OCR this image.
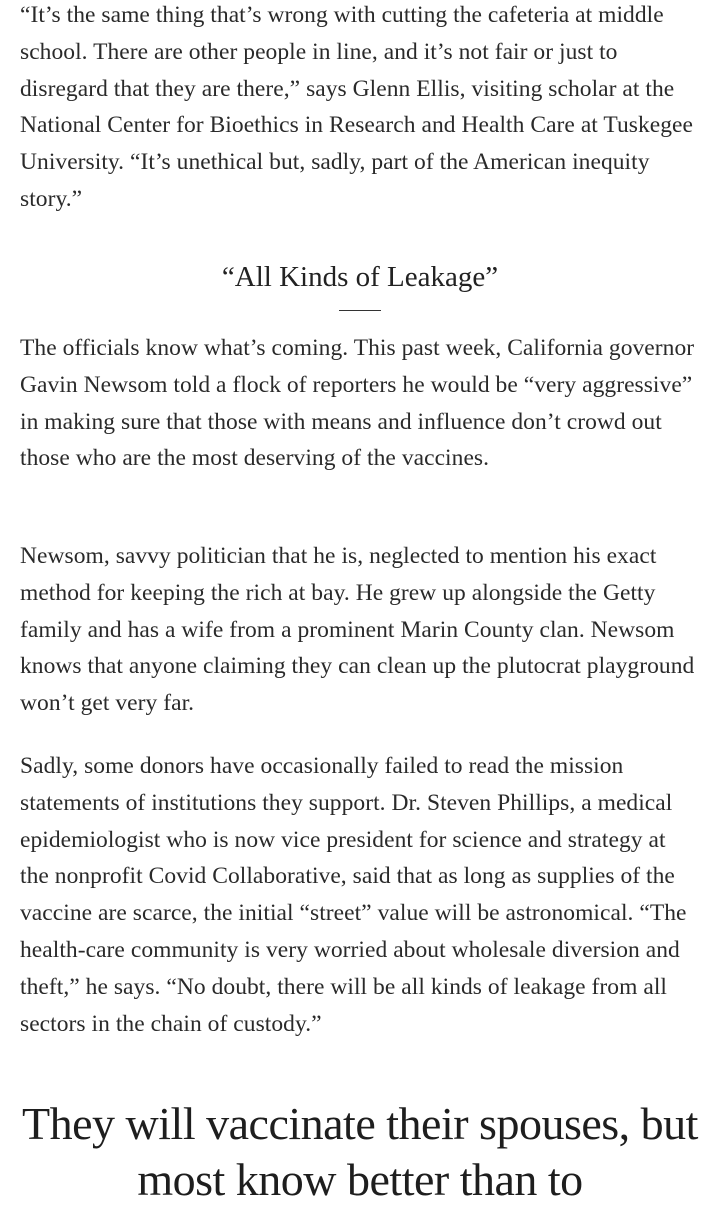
“It’s the same thing that’s wrong with cutting the cafeteria at middle school. There are other people in line, and it’s not fair or just to disregard that they are there,” says Glenn Ellis, visiting scholar at the National Center for Bioethics in Research and Health Care at Tuskegee University. “It’s unethical but, sadly, part of the American inequity story.”

“All Kinds of Leakage”

The officials know what’s coming. This past week, California governor Gavin Newsom told a flock of reporters he would be “very aggressive” in making sure that those with means and influence don’t crowd out those who are the most deserving of the vaccines.

Newsom, savvy politician that he is, neglected to mention his exact method for keeping the rich at bay. He grew up alongside the Getty family and has a wife from a prominent Marin County clan. Newsom knows that anyone claiming they can clean up the plutocrat playground won’t get very far.

Sadly, some donors have occasionally failed to read the mission statements of institutions they support. Dr. Steven Phillips, a medical epidemiologist who is now vice president for science and strategy at the nonprofit Covid Collaborative, said that as long as supplies of the vaccine are scarce, the initial “street” value will be astronomical. “The health-care community is very worried about wholesale diversion and theft,” he says. “No doubt, there will be all kinds of leakage from all sectors in the chain of custody.”

They will vaccinate their spouses, but most know better than to
